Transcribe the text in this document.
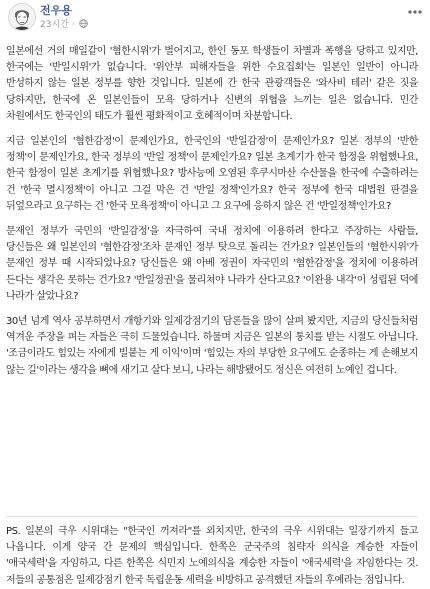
전우용
23시간 ·

일본에선 거의 매일같이 '혐한시위'가 벌어지고, 한인 동포 학생들이 차별과 폭행을 당하고 있지만, 한국에는 '반일시위'가 없습니다. '위안부 피해자들을 위한 수요집회'는 일본인 일반이 아니라 반성하지 않는 일본 정부를 향한 것입니다. 일본에 간 한국 관광객들은 '와사비 테러' 같은 짓을 당하지만, 한국에 온 일본인들이 모욕 당하거나 신변의 위협을 느끼는 일은 없습니다. 민간 차원에서도 한국인의 태도가 훨씬 평화적이고 호혜적이며 차분합니다.

지금 일본인의 '혐한감정'이 문제인가요, 한국인의 '반일감정'이 문제인가요? 일본 정부의 '반한 정책'이 문제인가요, 한국 정부의 '반일 정책'이 문제인가요? 일본 초계기가 한국 함정을 위협했나요, 한국 함정이 일본 초계기를 위협했나요? 방사능에 오염된 후쿠시마산 수산물을 한국에 수출하려는 건 '한국 멸시정책'이 아니고 그걸 막은 건 '반일 정책'인가요? 한국 정부에 한국 대법원 판결을 뒤엎으라고 요구하는 건 '한국 모욕정책'이 아니고 그 요구에 응하지 않은 건 '반일정책'인가요?

문재인 정부가 국민의 '반일감정'을 자극하여 국내 정치에 이용하려 한다고 주장하는 사람들, 당신들은 왜 일본인의 '혐한감정'조차 문재인 정부 탓으로 돌리는 건가요? 일본인들의 '혐한시위'가 문재인 정부 때 시작되었나요? 당신들은 왜 아베 정권이 자국민의 '혐한감정'을 정치에 이용하려 든다는 생각은 못하는 건가요? '반일정권'을 물리쳐야 나라가 산다고요? '이완용 내각'이 성립된 덕에 나라가 살았나요?

30년 넘게 역사 공부하면서 개항기와 일제강점기의 담론들을 많이 살펴 봤지만, 지금의 당신들처럼 역겨운 주장을 펴는 자들은 극히 드물었습니다. 하물며 지금은 일본의 통치를 받는 시절도 아닙니다. '조금이라도 힘있는 자에게 빌붙는 게 이익'이며 '힘있는 자의 부당한 요구에도 순종하는 게 손해보지 않는 길'이라는 생각을 뼈에 새기고 살다 보니, 나라는 해방됐어도 정신은 여전히 노예인 겁니다.

PS. 일본의 극우 시위대는 "한국인 꺼져라"를 외치지만, 한국의 극우 시위대는 일장기까지 들고 나옵니다. 이게 양국 간 문제의 핵심입니다. 한쪽은 군국주의 침략자 의식을 계승한 자들이 '애국세력'을 자임하고, 다른 한쪽은 식민지 노예의식을 계승한 자들이 '애국세력'을 자임한다는 것. 저들의 공통점은 일제강점기 한국 독립운동 세력을 비방하고 공격했던 자들의 후예라는 점입니다.
